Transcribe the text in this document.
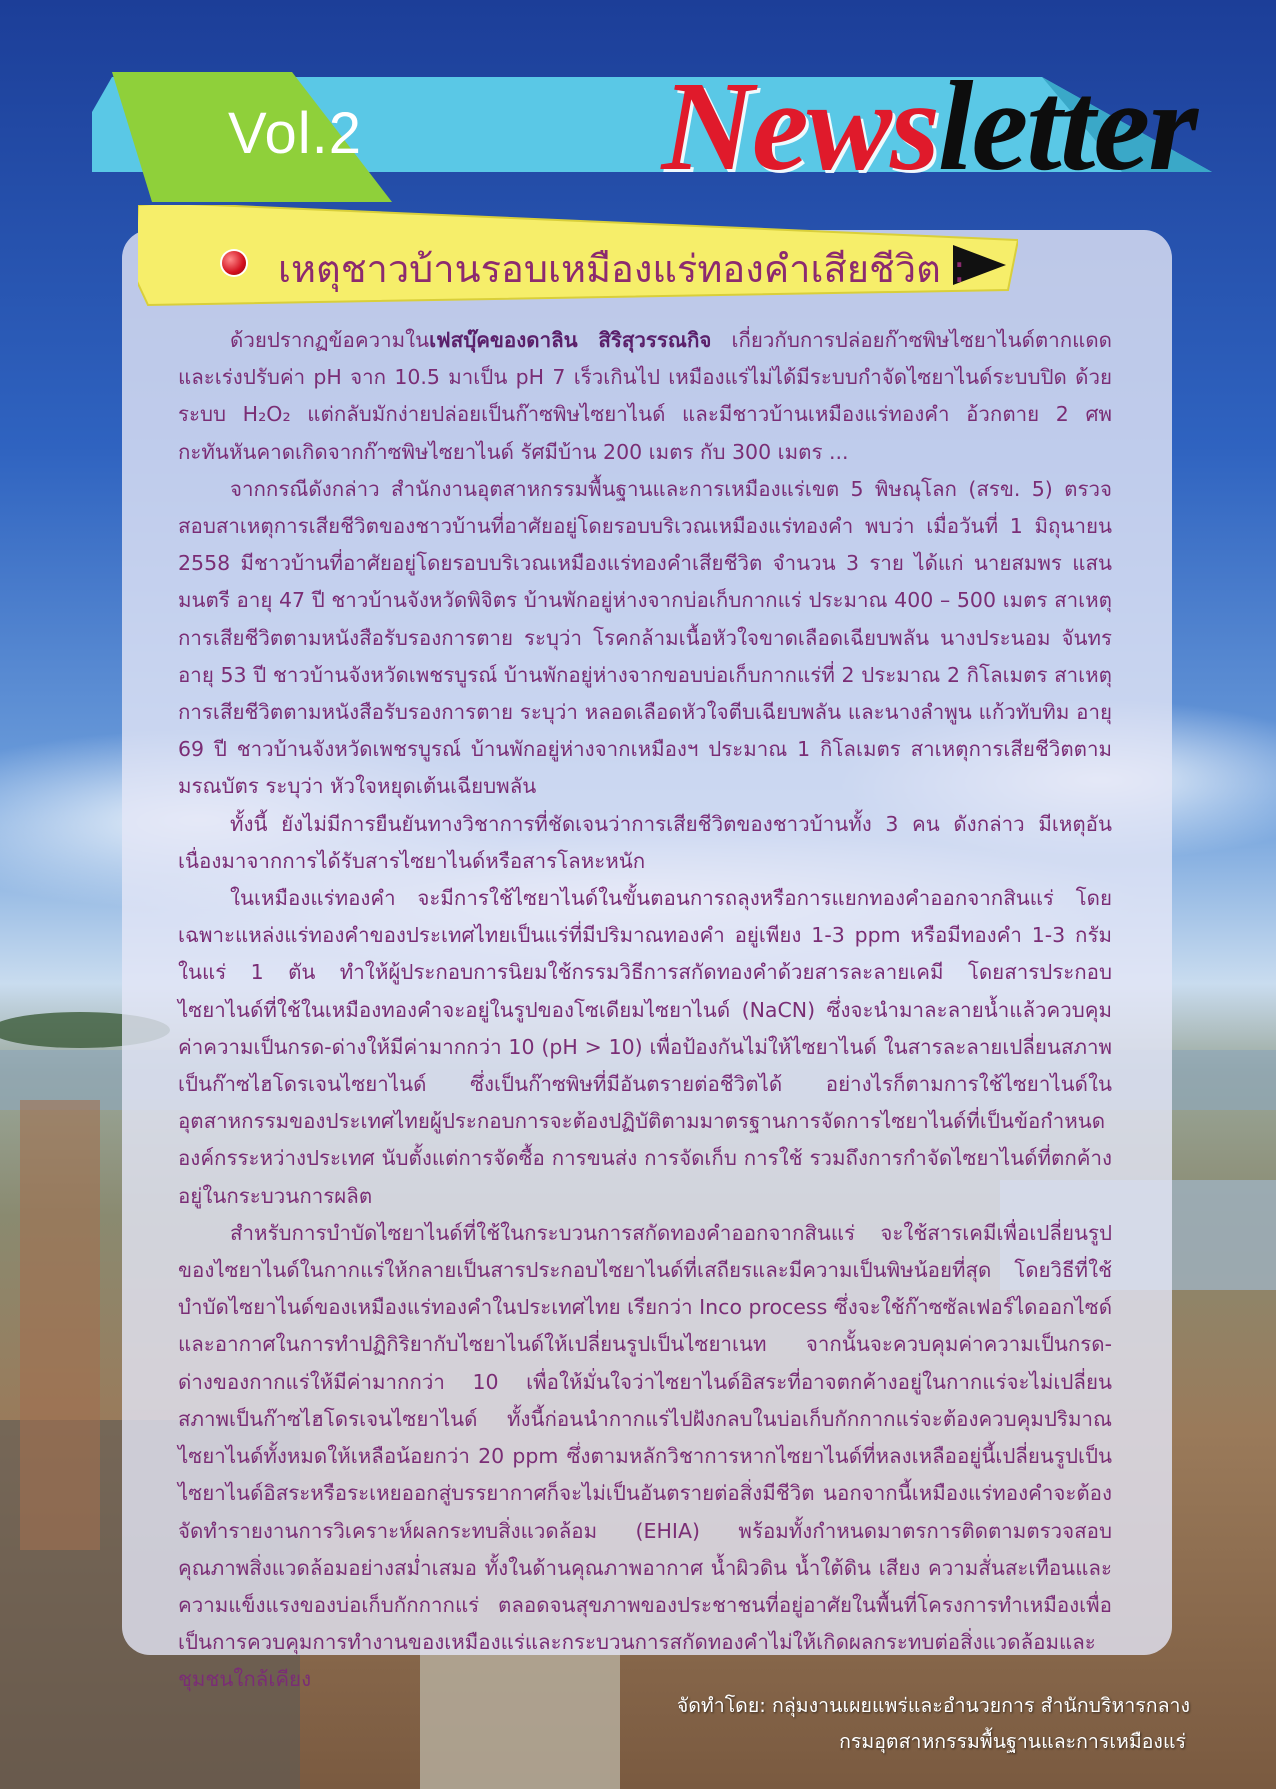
Vol.2 Newsletter
เหตุชาวบ้านรอบเหมืองแร่ทองคำเสียชีวิต :

ด้วยปรากฏข้อความในเฟสบุ๊คของดาลิน สิริสุวรรณกิจ เกี่ยวกับการปล่อยก๊าซพิษไซยาไนด์ตากแดดและเร่งปรับค่า pH จาก 10.5 มาเป็น pH 7 เร็วเกินไป เหมืองแร่ไม่ได้มีระบบกำจัดไซยาไนด์ระบบปิด ด้วยระบบ H₂O₂ แต่กลับมักง่ายปล่อยเป็นก๊าซพิษไซยาไนด์ และมีชาวบ้านเหมืองแร่ทองคำ อ้วกตาย 2 ศพ กะทันหันคาดเกิดจากก๊าซพิษไซยาไนด์ รัศมีบ้าน 200 เมตร กับ 300 เมตร ...

จากกรณีดังกล่าว สำนักงานอุตสาหกรรมพื้นฐานและการเหมืองแร่เขต 5 พิษณุโลก (สรข. 5) ตรวจสอบสาเหตุการเสียชีวิตของชาวบ้านที่อาศัยอยู่โดยรอบบริเวณเหมืองแร่ทองคำ พบว่า เมื่อวันที่ 1 มิถุนายน 2558 มีชาวบ้านที่อาศัยอยู่โดยรอบบริเวณเหมืองแร่ทองคำเสียชีวิต จำนวน 3 ราย ได้แก่ นายสมพร แสนมนตรี อายุ 47 ปี ชาวบ้านจังหวัดพิจิตร บ้านพักอยู่ห่างจากบ่อเก็บกากแร่ ประมาณ 400 – 500 เมตร สาเหตุการเสียชีวิตตามหนังสือรับรองการตาย ระบุว่า โรคกล้ามเนื้อหัวใจขาดเลือดเฉียบพลัน นางประนอม จันทร อายุ 53 ปี ชาวบ้านจังหวัดเพชรบูรณ์ บ้านพักอยู่ห่างจากขอบบ่อเก็บกากแร่ที่ 2 ประมาณ 2 กิโลเมตร สาเหตุการเสียชีวิตตามหนังสือรับรองการตาย ระบุว่า หลอดเลือดหัวใจตีบเฉียบพลัน และนางลำพูน แก้วทับทิม อายุ 69 ปี ชาวบ้านจังหวัดเพชรบูรณ์ บ้านพักอยู่ห่างจากเหมืองฯ ประมาณ 1 กิโลเมตร สาเหตุการเสียชีวิตตามมรณบัตร ระบุว่า หัวใจหยุดเต้นเฉียบพลัน

ทั้งนี้ ยังไม่มีการยืนยันทางวิชาการที่ชัดเจนว่าการเสียชีวิตของชาวบ้านทั้ง 3 คน ดังกล่าว มีเหตุอันเนื่องมาจากการได้รับสารไซยาไนด์หรือสารโลหะหนัก

ในเหมืองแร่ทองคำ จะมีการใช้ไซยาไนด์ในขั้นตอนการถลุงหรือการแยกทองคำออกจากสินแร่ โดยเฉพาะแหล่งแร่ทองคำของประเทศไทยเป็นแร่ที่มีปริมาณทองคำ อยู่เพียง 1-3 ppm หรือมีทองคำ 1-3 กรัมในแร่ 1 ตัน ทำให้ผู้ประกอบการนิยมใช้กรรมวิธีการสกัดทองคำด้วยสารละลายเคมี โดยสารประกอบไซยาไนด์ที่ใช้ในเหมืองทองคำจะอยู่ในรูปของโซเดียมไซยาไนด์ (NaCN) ซึ่งจะนำมาละลายน้ำแล้วควบคุมค่าความเป็นกรด-ด่างให้มีค่ามากกว่า 10 (pH > 10) เพื่อป้องกันไม่ให้ไซยาไนด์ ในสารละลายเปลี่ยนสภาพเป็นก๊าซไฮโดรเจนไซยาไนด์ ซึ่งเป็นก๊าซพิษที่มีอันตรายต่อชีวิตได้ อย่างไรก็ตามการใช้ไซยาไนด์ในอุตสาหกรรมของประเทศไทยผู้ประกอบการจะต้องปฏิบัติตามมาตรฐานการจัดการไซยาไนด์ที่เป็นข้อกำหนดองค์กรระหว่างประเทศ นับตั้งแต่การจัดซื้อ การขนส่ง การจัดเก็บ การใช้ รวมถึงการกำจัดไซยาไนด์ที่ตกค้างอยู่ในกระบวนการผลิต

สำหรับการบำบัดไซยาไนด์ที่ใช้ในกระบวนการสกัดทองคำออกจากสินแร่ จะใช้สารเคมีเพื่อเปลี่ยนรูปของไซยาไนด์ในกากแร่ให้กลายเป็นสารประกอบไซยาไนด์ที่เสถียรและมีความเป็นพิษน้อยที่สุด โดยวิธีที่ใช้บำบัดไซยาไนด์ของเหมืองแร่ทองคำในประเทศไทย เรียกว่า Inco process ซึ่งจะใช้ก๊าซซัลเฟอร์ไดออกไซด์และอากาศในการทำปฏิกิริยากับไซยาไนด์ให้เปลี่ยนรูปเป็นไซยาเนท จากนั้นจะควบคุมค่าความเป็นกรด-ด่างของกากแร่ให้มีค่ามากกว่า 10 เพื่อให้มั่นใจว่าไซยาไนด์อิสระที่อาจตกค้างอยู่ในกากแร่จะไม่เปลี่ยนสภาพเป็นก๊าซไฮโดรเจนไซยาไนด์ ทั้งนี้ก่อนนำกากแร่ไปฝังกลบในบ่อเก็บกักกากแร่จะต้องควบคุมปริมาณไซยาไนด์ทั้งหมดให้เหลือน้อยกว่า 20 ppm ซึ่งตามหลักวิชาการหากไซยาไนด์ที่หลงเหลืออยู่นี้เปลี่ยนรูปเป็นไซยาไนด์อิสระหรือระเหยออกสู่บรรยากาศก็จะไม่เป็นอันตรายต่อสิ่งมีชีวิต นอกจากนี้เหมืองแร่ทองคำจะต้องจัดทำรายงานการวิเคราะห์ผลกระทบสิ่งแวดล้อม (EHIA) พร้อมทั้งกำหนดมาตรการติดตามตรวจสอบคุณภาพสิ่งแวดล้อมอย่างสม่ำเสมอ ทั้งในด้านคุณภาพอากาศ น้ำผิวดิน น้ำใต้ดิน เสียง ความสั่นสะเทือนและความแข็งแรงของบ่อเก็บกักกากแร่ ตลอดจนสุขภาพของประชาชนที่อยู่อาศัยในพื้นที่โครงการทำเหมืองเพื่อเป็นการควบคุมการทำงานของเหมืองแร่และกระบวนการสกัดทองคำไม่ให้เกิดผลกระทบต่อสิ่งแวดล้อมและชุมชนใกล้เคียง

จัดทำโดย: กลุ่มงานเผยแพร่และอำนวยการ สำนักบริหารกลาง
กรมอุตสาหกรรมพื้นฐานและการเหมืองแร่
